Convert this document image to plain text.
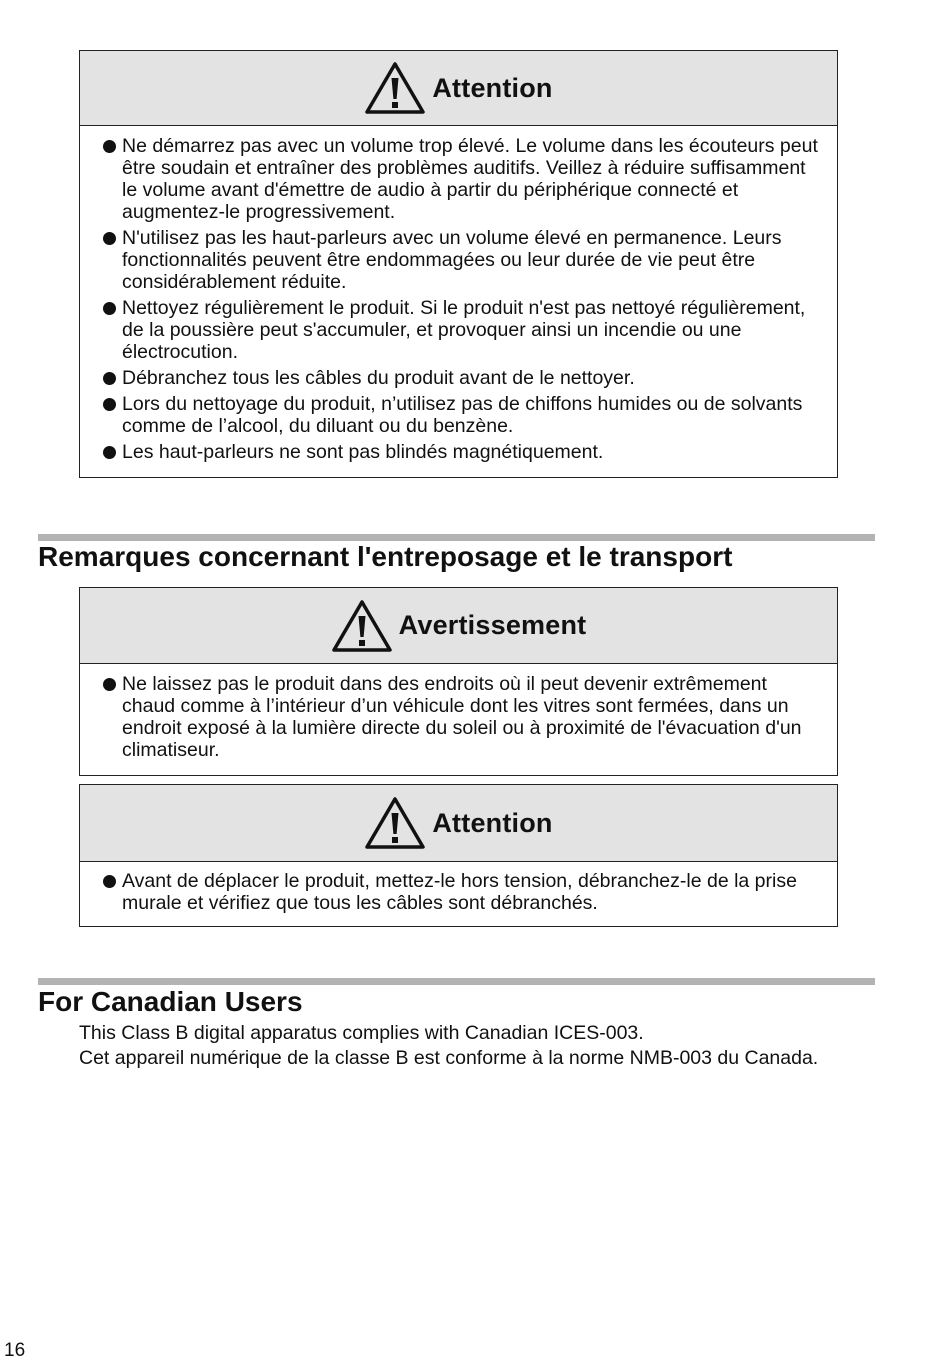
Attention
Ne démarrez pas avec un volume trop élevé. Le volume dans les écouteurs peut être soudain et entraîner des problèmes auditifs. Veillez à réduire suffisamment le volume avant d'émettre de audio à partir du périphérique connecté et augmentez-le progressivement.
N'utilisez pas les haut-parleurs avec un volume élevé en permanence. Leurs fonctionnalités peuvent être endommagées ou leur durée de vie peut être considérablement réduite.
Nettoyez régulièrement le produit. Si le produit n'est pas nettoyé régulièrement, de la poussière peut s'accumuler, et provoquer ainsi un incendie ou une électrocution.
Débranchez tous les câbles du produit avant de le nettoyer.
Lors du nettoyage du produit, n’utilisez pas de chiffons humides ou de solvants comme de l’alcool, du diluant ou du benzène.
Les haut-parleurs ne sont pas blindés magnétiquement.
Remarques concernant l'entreposage et le transport
Avertissement
Ne laissez pas le produit dans des endroits où il peut devenir extrêmement chaud comme à l’intérieur d’un véhicule dont les vitres sont fermées, dans un endroit exposé à la lumière directe du soleil ou à proximité de l'évacuation d'un climatiseur.
Attention
Avant de déplacer le produit, mettez-le hors tension, débranchez-le de la prise murale et vérifiez que tous les câbles sont débranchés.
For Canadian Users

This Class B digital apparatus complies with Canadian ICES-003.

Cet appareil numérique de la classe B est conforme à la norme NMB-003 du Canada.

16
